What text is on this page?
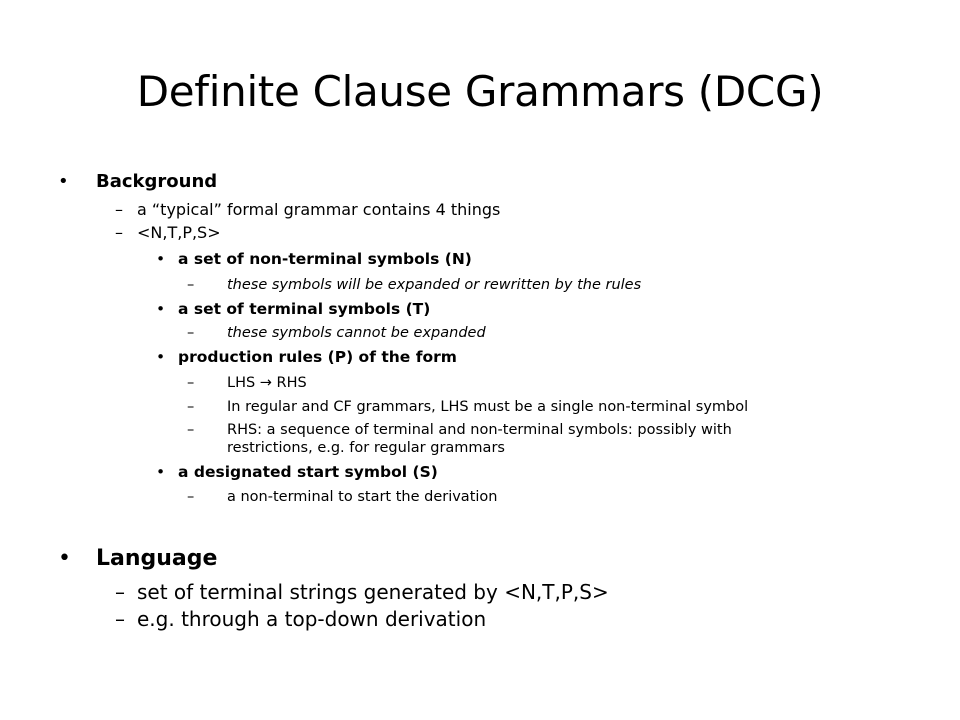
Definite Clause Grammars (DCG)
• Background
– a “typical” formal grammar contains 4 things
– <N,T,P,S>
• a set of non-terminal symbols (N)
– these symbols will be expanded or rewritten by the rules
• a set of terminal symbols (T)
– these symbols cannot be expanded
• production rules (P) of the form
– LHS → RHS
– In regular and CF grammars, LHS must be a single non-terminal symbol
– RHS: a sequence of terminal and non-terminal symbols: possibly with
restrictions, e.g. for regular grammars
• a designated start symbol (S)
– a non-terminal to start the derivation
• Language
– set of terminal strings generated by <N,T,P,S>
– e.g. through a top-down derivation
